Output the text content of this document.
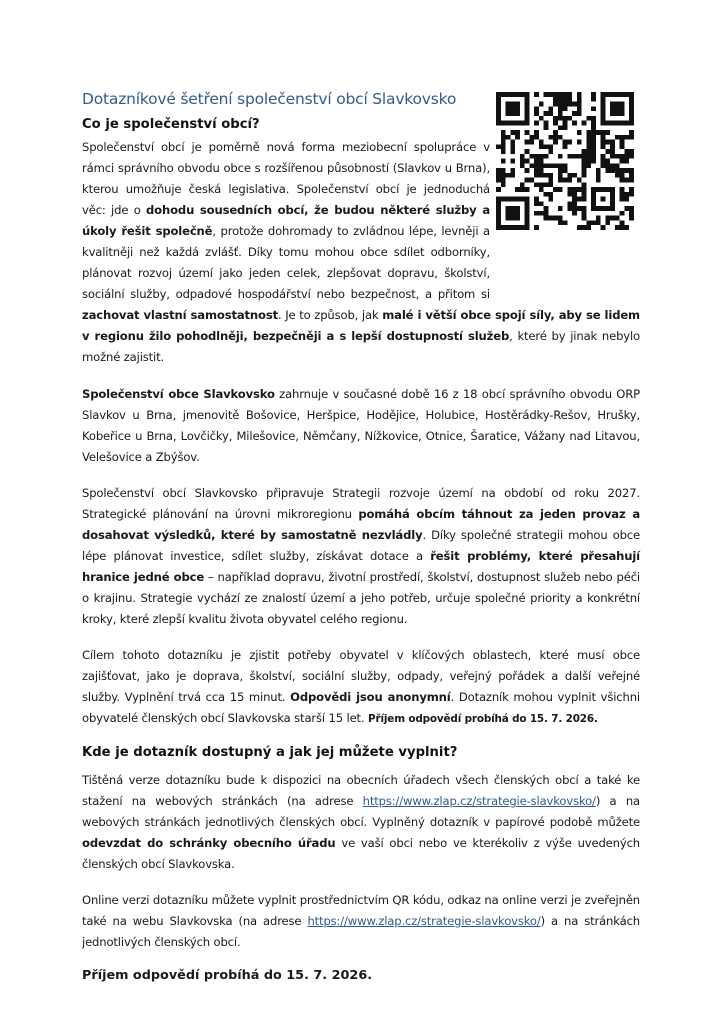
Dotazníkové šetření společenství obcí Slavkovsko
Co je společenství obcí?

Společenství obcí je poměrně nová forma meziobecní spolupráce v rámci správního obvodu obce s rozšířenou působností (Slavkov u Brna), kterou umožňuje česká legislativa. Společenství obcí je jednoduchá věc: jde o dohodu sousedních obcí, že budou některé služby a úkoly řešit společně, protože dohromady to zvládnou lépe, levněji a kvalitněji než každá zvlášť. Díky tomu mohou obce sdílet odborníky, plánovat rozvoj území jako jeden celek, zlepšovat dopravu, školství, sociální služby, odpadové hospodářství nebo bezpečnost, a přitom si zachovat vlastní samostatnost. Je to způsob, jak malé i větší obce spojí síly, aby se lidem v regionu žilo pohodlněji, bezpečněji a s lepší dostupností služeb, které by jinak nebylo možné zajistit.

Společenství obce Slavkovsko zahrnuje v současné době 16 z 18 obcí správního obvodu ORP Slavkov u Brna, jmenovitě Bošovice, Heršpice, Hodějice, Holubice, Hostěrádky-Rešov, Hrušky, Kobeřice u Brna, Lovčičky, Milešovice, Němčany, Nížkovice, Otnice, Šaratice, Vážany nad Litavou, Velešovice a Zbýšov.

Společenství obcí Slavkovsko připravuje Strategii rozvoje území na období od roku 2027. Strategické plánování na úrovni mikroregionu pomáhá obcím táhnout za jeden provaz a dosahovat výsledků, které by samostatně nezvládly. Díky společné strategii mohou obce lépe plánovat investice, sdílet služby, získávat dotace a řešit problémy, které přesahují hranice jedné obce – například dopravu, životní prostředí, školství, dostupnost služeb nebo péči o krajinu. Strategie vychází ze znalostí území a jeho potřeb, určuje společné priority a konkrétní kroky, které zlepší kvalitu života obyvatel celého regionu.

Cílem tohoto dotazníku je zjistit potřeby obyvatel v klíčových oblastech, které musí obce zajišťovat, jako je doprava, školství, sociální služby, odpady, veřejný pořádek a další veřejné služby. Vyplnění trvá cca 15 minut. Odpovědi jsou anonymní. Dotazník mohou vyplnit všichni obyvatelé členských obcí Slavkovska starší 15 let. Příjem odpovědí probíhá do 15. 7. 2026.

Kde je dotazník dostupný a jak jej můžete vyplnit?

Tištěná verze dotazníku bude k dispozici na obecních úřadech všech členských obcí a také ke stažení na webových stránkách (na adrese https://www.zlap.cz/strategie-slavkovsko/) a na webových stránkách jednotlivých členských obcí. Vyplněný dotazník v papírové podobě můžete odevzdat do schránky obecního úřadu ve vaší obci nebo ve kterékoliv z výše uvedených členských obcí Slavkovska.

Online verzi dotazníku můžete vyplnit prostřednictvím QR kódu, odkaz na online verzi je zveřejněn také na webu Slavkovska (na adrese https://www.zlap.cz/strategie-slavkovsko/) a na stránkách jednotlivých členských obcí.

Příjem odpovědí probíhá do 15. 7. 2026.
